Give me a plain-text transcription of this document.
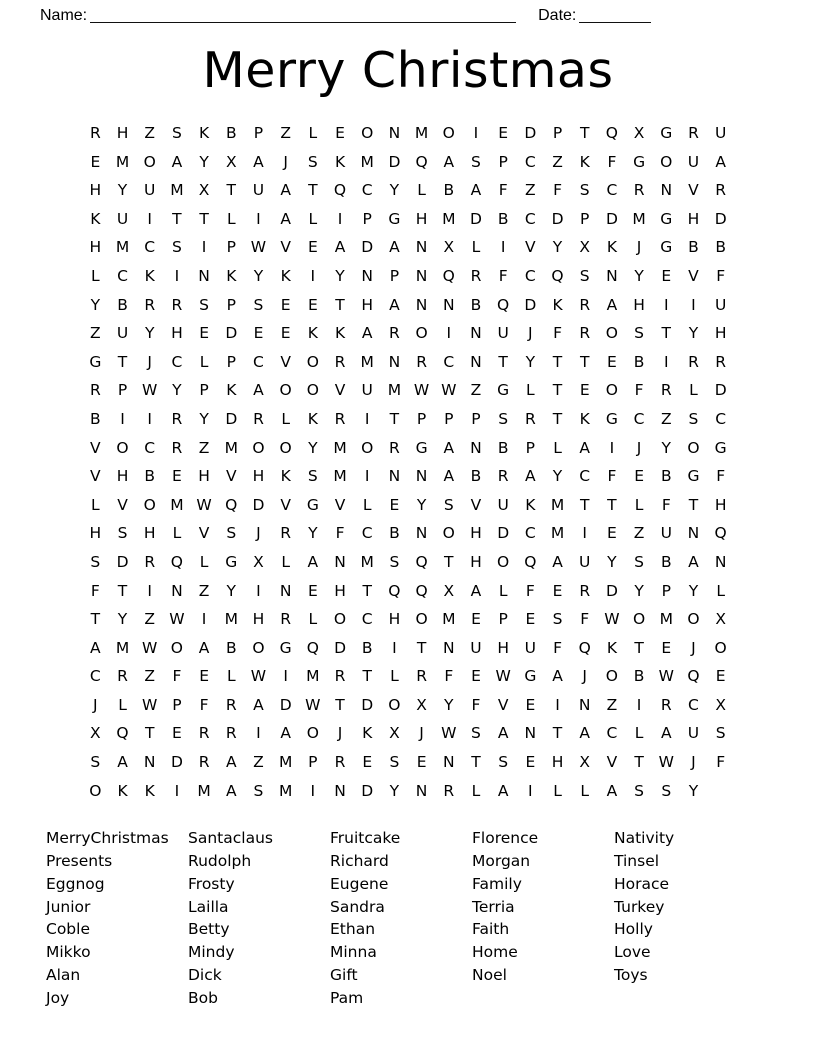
Name:	Date:
Merry Christmas
R	H	Z	S	K	B	P	Z	L	E	O	N	M	O	I	E	D	P	T	Q	X	G	R	U
E	M	O	A	Y	X	A	J	S	K	M	D	Q	A	S	P	C	Z	K	F	G	O	U	A
H	Y	U	M	X	T	U	A	T	Q	C	Y	L	B	A	F	Z	F	S	C	R	N	V	R
K	U	I	T	T	L	I	A	L	I	P	G	H	M	D	B	C	D	P	D	M	G	H	D
H	M	C	S	I	P	W	V	E	A	D	A	N	X	L	I	V	Y	X	K	J	G	B	B
L	C	K	I	N	K	Y	K	I	Y	N	P	N	Q	R	F	C	Q	S	N	Y	E	V	F
Y	B	R	R	S	P	S	E	E	T	H	A	N	N	B	Q	D	K	R	A	H	I	I	U
Z	U	Y	H	E	D	E	E	K	K	A	R	O	I	N	U	J	F	R	O	S	T	Y	H
G	T	J	C	L	P	C	V	O	R	M	N	R	C	N	T	Y	T	T	E	B	I	R	R
R	P	W	Y	P	K	A	O	O	V	U	M	W	W	Z	G	L	T	E	O	F	R	L	D
B	I	I	R	Y	D	R	L	K	R	I	T	P	P	P	S	R	T	K	G	C	Z	S	C
V	O	C	R	Z	M	O	O	Y	M	O	R	G	A	N	B	P	L	A	I	J	Y	O	G
V	H	B	E	H	V	H	K	S	M	I	N	N	A	B	R	A	Y	C	F	E	B	G	F
L	V	O	M	W	Q	D	V	G	V	L	E	Y	S	V	U	K	M	T	T	L	F	T	H
H	S	H	L	V	S	J	R	Y	F	C	B	N	O	H	D	C	M	I	E	Z	U	N	Q
S	D	R	Q	L	G	X	L	A	N	M	S	Q	T	H	O	Q	A	U	Y	S	B	A	N
F	T	I	N	Z	Y	I	N	E	H	T	Q	Q	X	A	L	F	E	R	D	Y	P	Y	L
T	Y	Z	W	I	M	H	R	L	O	C	H	O	M	E	P	E	S	F	W	O	M	O	X
A	M	W	O	A	B	O	G	Q	D	B	I	T	N	U	H	U	F	Q	K	T	E	J	O
C	R	Z	F	E	L	W	I	M	R	T	L	R	F	E	W	G	A	J	O	B	W	Q	E
J	L	W	P	F	R	A	D	W	T	D	O	X	Y	F	V	E	I	N	Z	I	R	C	X
X	Q	T	E	R	R	I	A	O	J	K	X	J	W	S	A	N	T	A	C	L	A	U	S
S	A	N	D	R	A	Z	M	P	R	E	S	E	N	T	S	E	H	X	V	T	W	J	F
O	K	K	I	M	A	S	M	I	N	D	Y	N	R	L	A	I	L	L	A	S	S	Y	
MerryChristmas
Presents
Eggnog
Junior
Coble
Mikko
Alan
Joy
Santaclaus
Rudolph
Frosty
Lailla
Betty
Mindy
Dick
Bob
Fruitcake
Richard
Eugene
Sandra
Ethan
Minna
Gift
Pam
Florence
Morgan
Family
Terria
Faith
Home
Noel
Nativity
Tinsel
Horace
Turkey
Holly
Love
Toys
